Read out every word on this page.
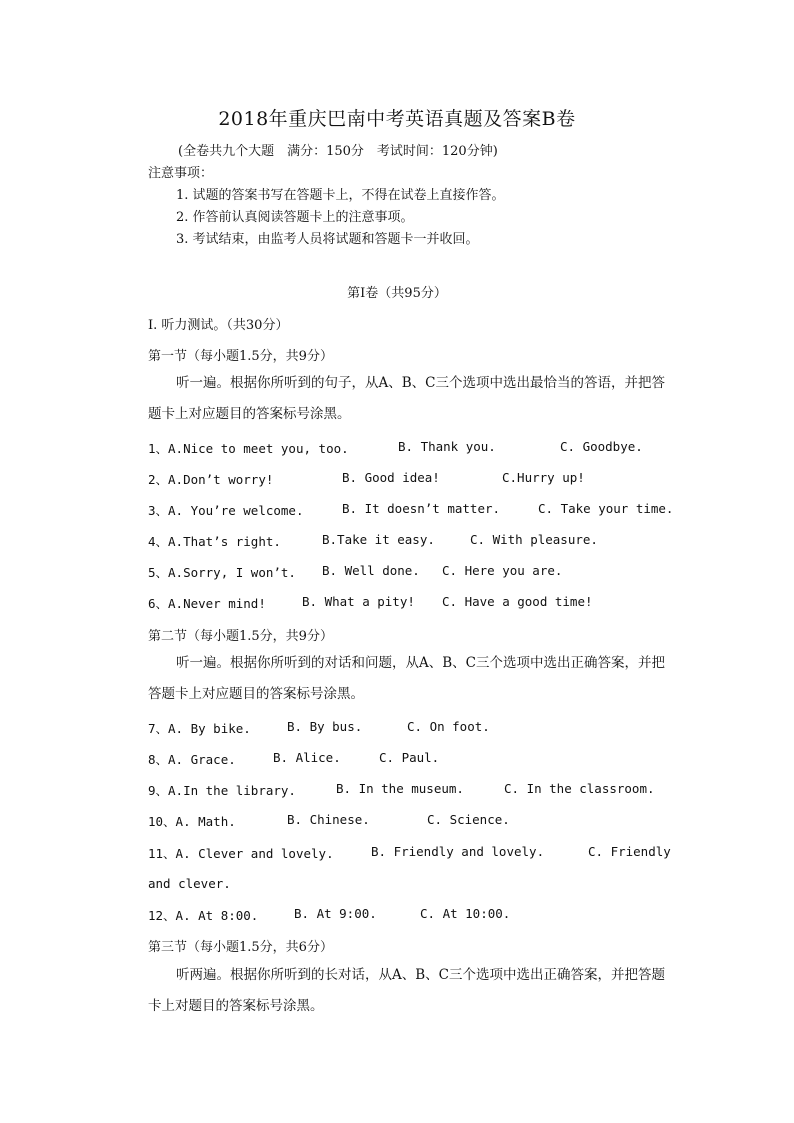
2018年重庆巴南中考英语真题及答案B卷
(全卷共九个大题　满分：150分　考试时间：120分钟)
注意事项：
1. 试题的答案书写在答题卡上，不得在试卷上直接作答。
2. 作答前认真阅读答题卡上的注意事项。
3. 考试结束，由监考人员将试题和答题卡一并收回。
第Ⅰ卷（共95分）
Ⅰ. 听力测试。（共30分）
第一节（每小题1.5分，共9分）
听一遍。根据你所听到的句子，从A、B、C三个选项中选出最恰当的答语，并把答题卡上对应题目的答案标号涂黑。
1、A.Nice to meet you, too.	B. Thank you.	C. Goodbye.
2、A.Don’t worry!	B. Good idea!	C.Hurry up!
3、A. You’re welcome.	B. It doesn’t matter.	C. Take your time.
4、A.That’s right.	B.Take it easy.	C. With pleasure.
5、A.Sorry, I won’t. B. Well done. C. Here you are.
6、A.Never mind!	B. What a pity! C. Have a good time!
第二节（每小题1.5分，共9分）
听一遍。根据你所听到的对话和问题，从A、B、C三个选项中选出正确答案，并把答题卡上对应题目的答案标号涂黑。
7、A. By bike.	B. By bus.	C. On foot.
8、A. Grace.	B. Alice.	C. Paul.
9、A.In the library.	B. In the museum.	C. In the classroom.
10、A. Math.	B. Chinese.	C. Science.
11、A. Clever and lovely.	B. Friendly and lovely.	C. Friendly
and clever.
12、A. At 8:00.	B. At 9:00.	C. At 10:00.
第三节（每小题1.5分，共6分）
听两遍。根据你所听到的长对话，从A、B、C三个选项中选出正确答案，并把答题卡上对题目的答案标号涂黑。
